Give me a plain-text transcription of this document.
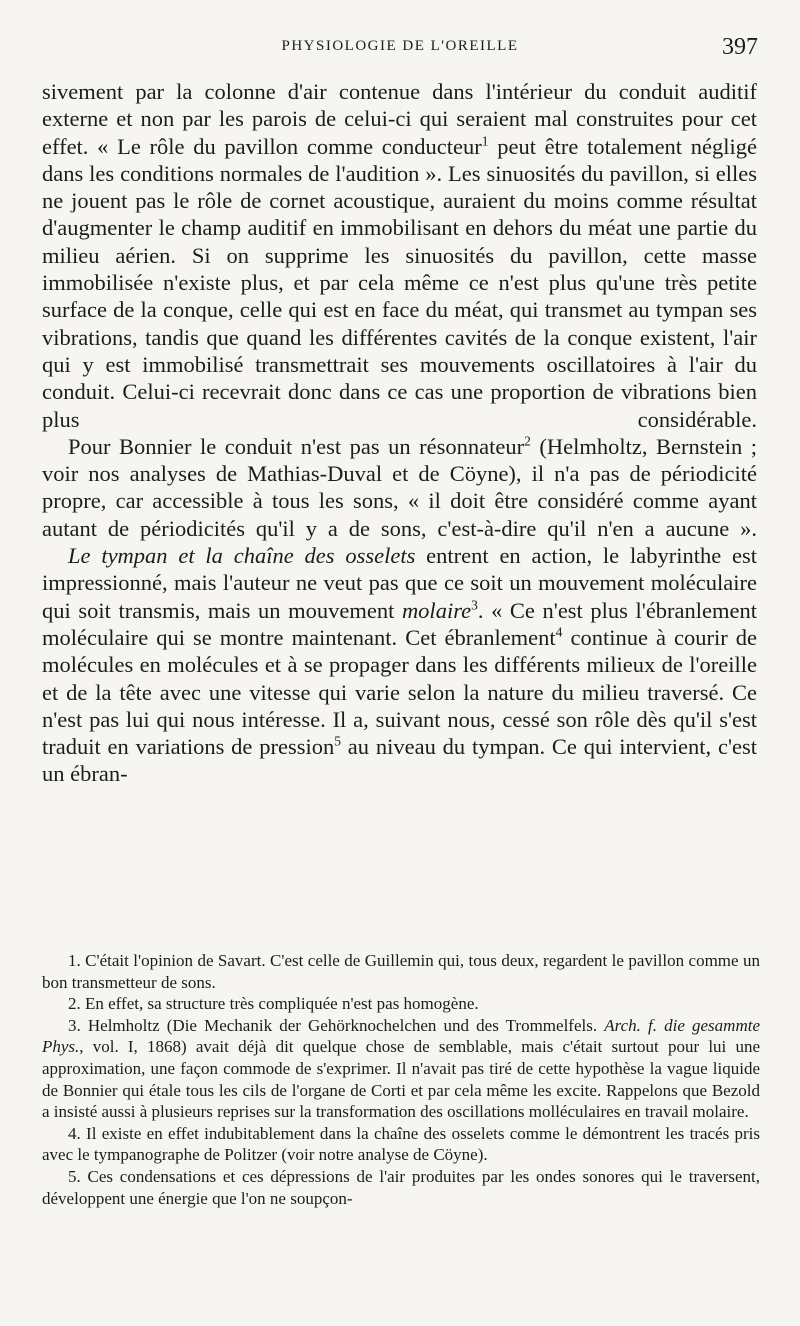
PHYSIOLOGIE DE L'OREILLE	397

sivement par la colonne d'air contenue dans l'intérieur du conduit auditif externe et non par les parois de celui-ci qui seraient mal construites pour cet effet. « Le rôle du pavillon comme conducteur$^1$ peut être totalement négligé dans les conditions normales de l'audition ». Les sinuosités du pavillon, si elles ne jouent pas le rôle de cornet acoustique, auraient du moins comme résultat d'augmenter le champ auditif en immobilisant en dehors du méat une partie du milieu aérien. Si on supprime les sinuosités du pavillon, cette masse immobilisée n'existe plus, et par cela même ce n'est plus qu'une très petite surface de la conque, celle qui est en face du méat, qui transmet au tympan ses vibrations, tandis que quand les différentes cavités de la conque existent, l'air qui y est immobilisé transmettrait ses mouvements oscillatoires à l'air du conduit. Celui-ci recevrait donc dans ce cas une proportion de vibrations bien plus considérable.

Pour Bonnier le conduit n'est pas un résonnateur$^2$ (Helmholtz, Bernstein ; voir nos analyses de Mathias-Duval et de Cöyne), il n'a pas de périodicité propre, car accessible à tous les sons, « il doit être considéré comme ayant autant de périodicités qu'il y a de sons, c'est-à-dire qu'il n'en a aucune ».

Le tympan et la chaîne des osselets entrent en action, le labyrinthe est impressionné, mais l'auteur ne veut pas que ce soit un mouvement moléculaire qui soit transmis, mais un mouvement molaire$^3$. « Ce n'est plus l'ébranlement moléculaire qui se montre maintenant. Cet ébranlement$^4$ continue à courir de molécules en molécules et à se propager dans les différents milieux de l'oreille et de la tête avec une vitesse qui varie selon la nature du milieu traversé. Ce n'est pas lui qui nous intéresse. Il a, suivant nous, cessé son rôle dès qu'il s'est traduit en variations de pression$^5$ au niveau du tympan. Ce qui intervient, c'est un ébran-

1. C'était l'opinion de Savart. C'est celle de Guillemin qui, tous deux, regardent le pavillon comme un bon transmetteur de sons.

2. En effet, sa structure très compliquée n'est pas homogène.

3. Helmholtz (Die Mechanik der Gehörknochelchen und des Trommelfels. Arch. f. die gesammte Phys., vol. I, 1868) avait déjà dit quelque chose de semblable, mais c'était surtout pour lui une approximation, une façon commode de s'exprimer. Il n'avait pas tiré de cette hypothèse la vague liquide de Bonnier qui étale tous les cils de l'organe de Corti et par cela même les excite. Rappelons que Bezold a insisté aussi à plusieurs reprises sur la transformation des oscillations molléculaires en travail molaire.

4. Il existe en effet indubitablement dans la chaîne des osselets comme le démontrent les tracés pris avec le tympanographe de Politzer (voir notre analyse de Cöyne).

5. Ces condensations et ces dépressions de l'air produites par les ondes sonores qui le traversent, développent une énergie que l'on ne soupçon-
